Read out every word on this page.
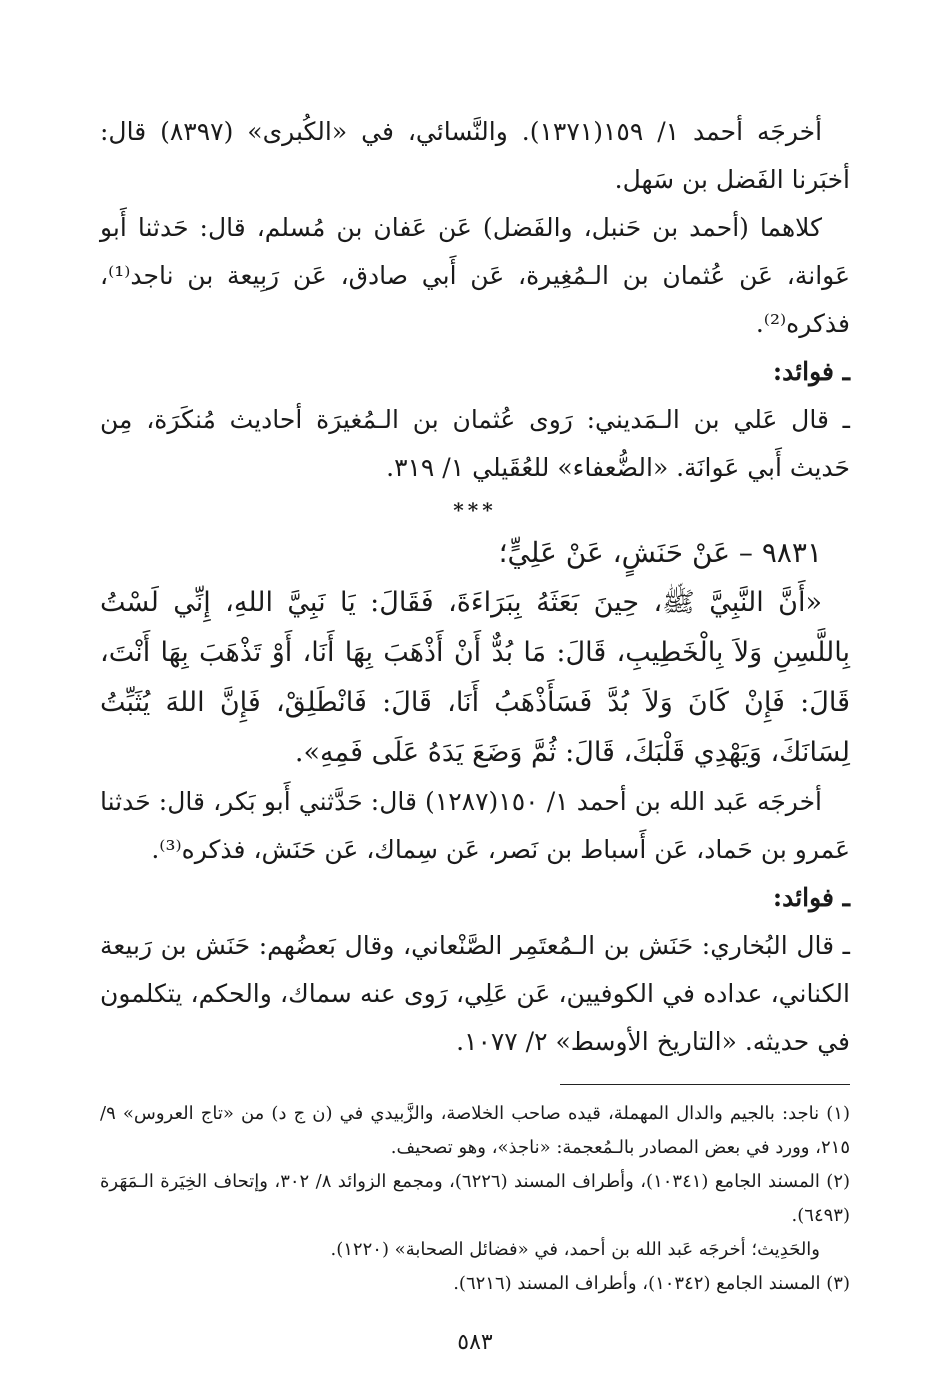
أخرجَه أحمد ١/ ١٥٩(١٣٧١). والنَّسائي، في «الكُبرى» (٨٣٩٧) قال: أخبَرنا الفَضل بن سَهل.

كلاهما (أحمد بن حَنبل، والفَضل) عَن عَفان بن مُسلم، قال: حَدثنا أَبو عَوانة، عَن عُثمان بن الـمُغِيرة، عَن أَبي صادق، عَن رَبِيعة بن ناجد⁽¹⁾، فذكره⁽²⁾.

ـ فوائد:

ـ قال عَلي بن الـمَديني: رَوى عُثمان بن الـمُغيرَة أحاديث مُنكَرَة، مِن حَديث أَبي عَوانَة. «الضُّعفاء» للعُقَيلي ١/ ٣١٩.

***

٩٨٣١ – عَنْ حَنَشٍ، عَنْ عَلِيٍّ؛

«أَنَّ النَّبِيَّ ﷺ، حِينَ بَعَثَهُ بِبَرَاءَةَ، فَقَالَ: يَا نَبِيَّ اللهِ، إِنِّي لَسْتُ بِاللَّسِنِ وَلاَ بِالْخَطِيبِ، قَالَ: مَا بُدٌّ أَنْ أَذْهَبَ بِهَا أَنَا، أَوْ تَذْهَبَ بِهَا أَنْتَ، قَالَ: فَإِنْ كَانَ وَلاَ بُدَّ فَسَأَذْهَبُ أَنَا، قَالَ: فَانْطَلِقْ، فَإِنَّ اللهَ يُثَبِّتُ لِسَانَكَ، وَيَهْدِي قَلْبَكَ، قَالَ: ثُمَّ وَضَعَ يَدَهُ عَلَى فَمِهِ».

أخرجَه عَبد الله بن أحمد ١/ ١٥٠(١٢٨٧) قال: حَدَّثني أَبو بَكر، قال: حَدثنا عَمرو بن حَماد، عَن أَسباط بن نَصر، عَن سِماك، عَن حَنَش، فذكره⁽³⁾.

ـ فوائد:

ـ قال البُخاري: حَنَش بن الـمُعتَمِر الصَّنْعاني، وقال بَعضُهم: حَنَش بن رَبيعة الكناني، عداده في الكوفيين، عَن عَلِي، رَوى عنه سماك، والحكم، يتكلمون في حديثه. «التاريخ الأوسط» ٢/ ١٠٧٧.

(١) ناجد: بالجيم والدال المهملة، قيده صاحب الخلاصة، والزَّبيدي في (ن ج د) من «تاج العروس» ٩/ ٢١٥، وورد في بعض المصادر بالـمُعجمة: «ناجذ»، وهو تصحيف.

(٢) المسند الجامع (١٠٣٤١)، وأطراف المسند (٦٢٢٦)، ومجمع الزوائد ٨/ ٣٠٢، وإتحاف الخِيَرة الـمَهَرة (٦٤٩٣).

والحَدِيث؛ أخرجَه عَبد الله بن أحمد، في «فضائل الصحابة» (١٢٢٠).

(٣) المسند الجامع (١٠٣٤٢)، وأطراف المسند (٦٢١٦).

٥٨٣
